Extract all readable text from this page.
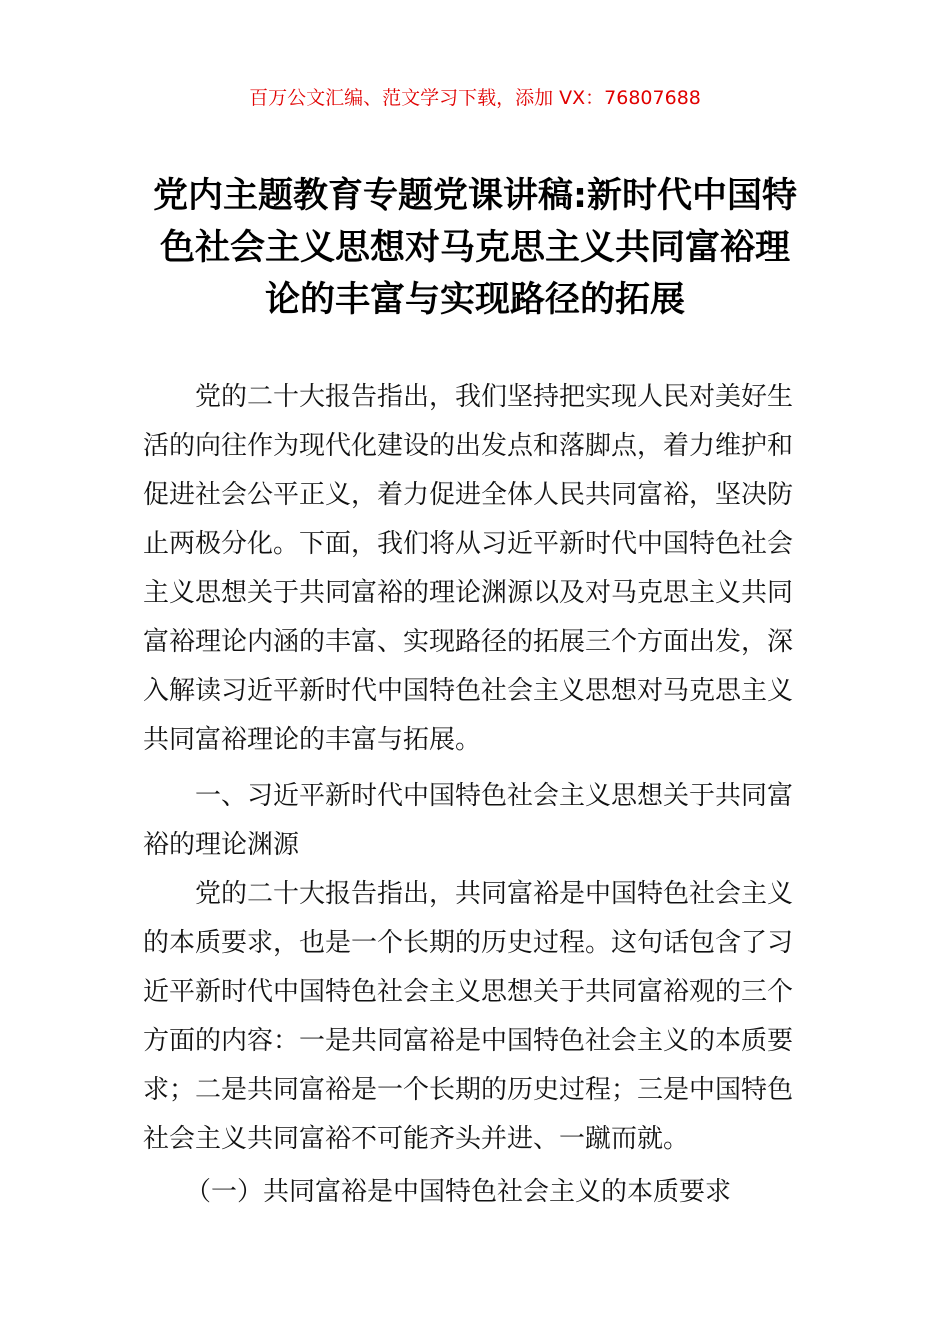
百万公文汇编、范文学习下载，添加 VX：76807688
党内主题教育专题党课讲稿:新时代中国特
色社会主义思想对马克思主义共同富裕理
论的丰富与实现路径的拓展
党的二十大报告指出，我们坚持把实现人民对美好生
活的向往作为现代化建设的出发点和落脚点，着力维护和
促进社会公平正义，着力促进全体人民共同富裕，坚决防
止两极分化。下面，我们将从习近平新时代中国特色社会
主义思想关于共同富裕的理论渊源以及对马克思主义共同
富裕理论内涵的丰富、实现路径的拓展三个方面出发，深
入解读习近平新时代中国特色社会主义思想对马克思主义
共同富裕理论的丰富与拓展。
一、习近平新时代中国特色社会主义思想关于共同富
裕的理论渊源
党的二十大报告指出，共同富裕是中国特色社会主义
的本质要求，也是一个长期的历史过程。这句话包含了习
近平新时代中国特色社会主义思想关于共同富裕观的三个
方面的内容：一是共同富裕是中国特色社会主义的本质要
求；二是共同富裕是一个长期的历史过程；三是中国特色
社会主义共同富裕不可能齐头并进、一蹴而就。
（一）共同富裕是中国特色社会主义的本质要求
